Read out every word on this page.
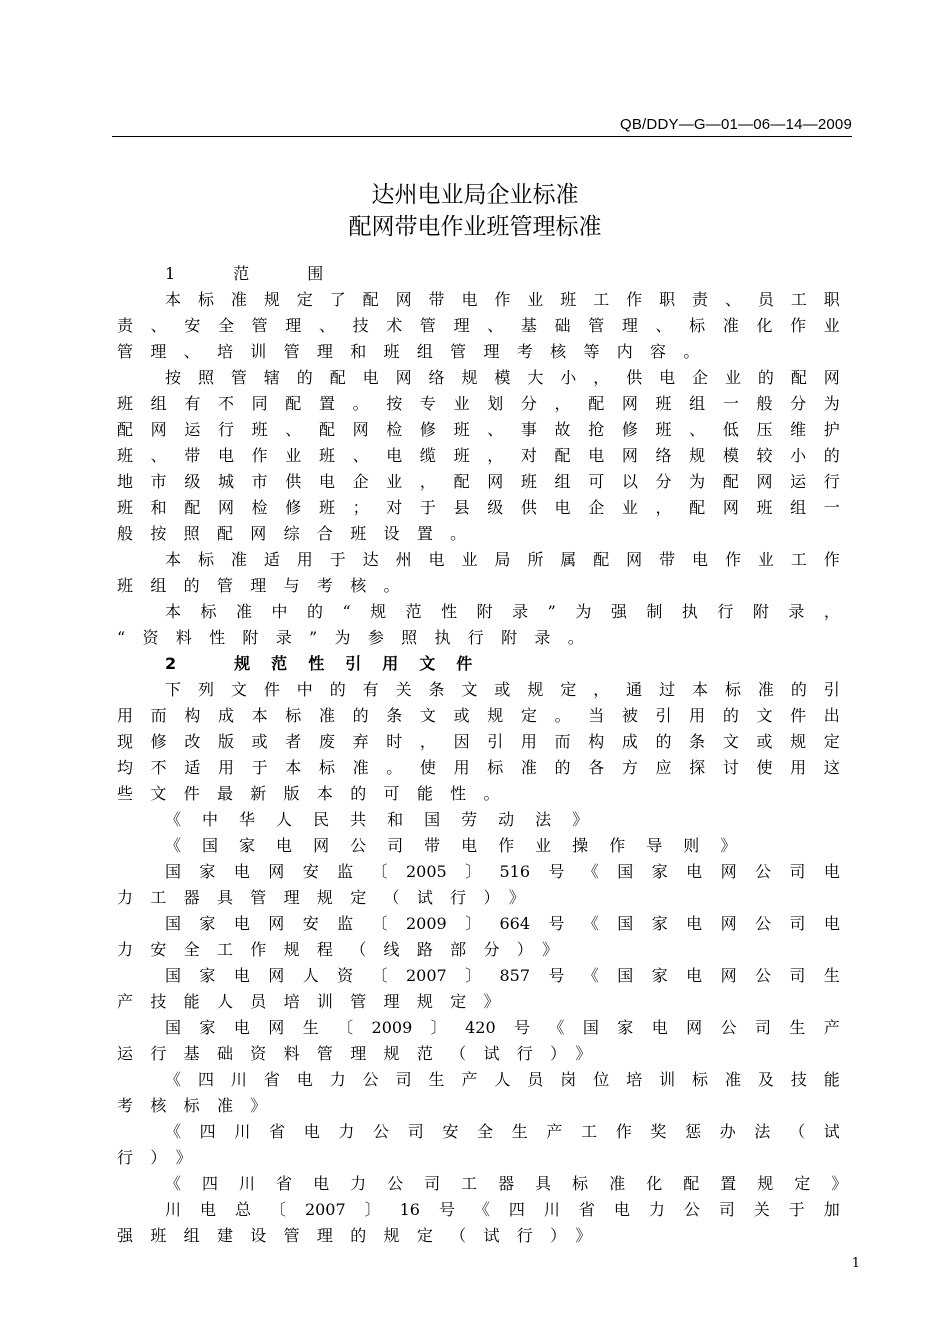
QB/DDY—G—01—06—14—2009
达州电业局企业标准
配网带电作业班管理标准
1　	范　	围
本 标 准 规 定 了 配 网 带 电 作 业 班 工 作 职 责 、 员 工 职
责 、 安 全 管 理 、 技 术 管 理 、 基 础 管 理 、 标 准 化 作 业
管 理 、 培 训 管 理 和 班 组 管 理 考 核 等 内 容 。
按 照 管 辖 的 配 电 网 络 规 模 大 小 ， 供 电 企 业 的 配 网
班 组 有 不 同 配 置 。 按 专 业 划 分 ， 配 网 班 组 一 般 分 为
配 网 运 行 班 、 配 网 检 修 班 、 事 故 抢 修 班 、 低 压 维 护
班 、 带 电 作 业 班 、 电 缆 班 ， 对 配 电 网 络 规 模 较 小 的
地 市 级 城 市 供 电 企 业 ， 配 网 班 组 可 以 分 为 配 网 运 行
班 和 配 网 检 修 班 ； 对 于 县 级 供 电 企 业 ， 配 网 班 组 一
般 按 照 配 网 综 合 班 设 置 。
本 标 准 适 用 于 达 州 电 业 局 所 属 配 网 带 电 作 业 工 作
班 组 的 管 理 与 考 核 。
本 标 准 中 的 “ 规 范 性 附 录 ” 为 强 制 执 行 附 录 ，
“ 资 料 性 附 录 ” 为 参 照 执 行 附 录 。
2　	规 范 性 引 用 文 件
下 列 文 件 中 的 有 关 条 文 或 规 定 ， 通 过 本 标 准 的 引
用 而 构 成 本 标 准 的 条 文 或 规 定 。 当 被 引 用 的 文 件 出
现 修 改 版 或 者 废 弃 时 ， 因 引 用 而 构 成 的 条 文 或 规 定
均 不 适 用 于 本 标 准 。 使 用 标 准 的 各 方 应 探 讨 使 用 这
些 文 件 最 新 版 本 的 可 能 性 。
《 中 华 人 民 共 和 国 劳 动 法 》
《 国 家 电 网 公 司 带 电 作 业 操 作 导 则 》
国 家 电 网 安 监 〔 2005 〕 516 号 《 国 家 电 网 公 司 电
力 工 器 具 管 理 规 定 （ 试 行 ） 》
国 家 电 网 安 监 〔 2009 〕 664 号 《 国 家 电 网 公 司 电
力 安 全 工 作 规 程 （ 线 路 部 分 ） 》
国 家 电 网 人 资 〔 2007 〕 857 号 《 国 家 电 网 公 司 生
产 技 能 人 员 培 训 管 理 规 定 》
国 家 电 网 生 〔 2009 〕 420 号 《 国 家 电 网 公 司 生 产
运 行 基 础 资 料 管 理 规 范 （ 试 行 ） 》
《 四 川 省 电 力 公 司 生 产 人 员 岗 位 培 训 标 准 及 技 能
考 核 标 准 》
《 四 川 省 电 力 公 司 安 全 生 产 工 作 奖 惩 办 法 （ 试
行 ） 》
《 四 川 省 电 力 公 司 工 器 具 标 准 化 配 置 规 定 》
川 电 总 〔 2007 〕 16 号 《 四 川 省 电 力 公 司 关 于 加
强 班 组 建 设 管 理 的 规 定 （ 试 行 ） 》
1
